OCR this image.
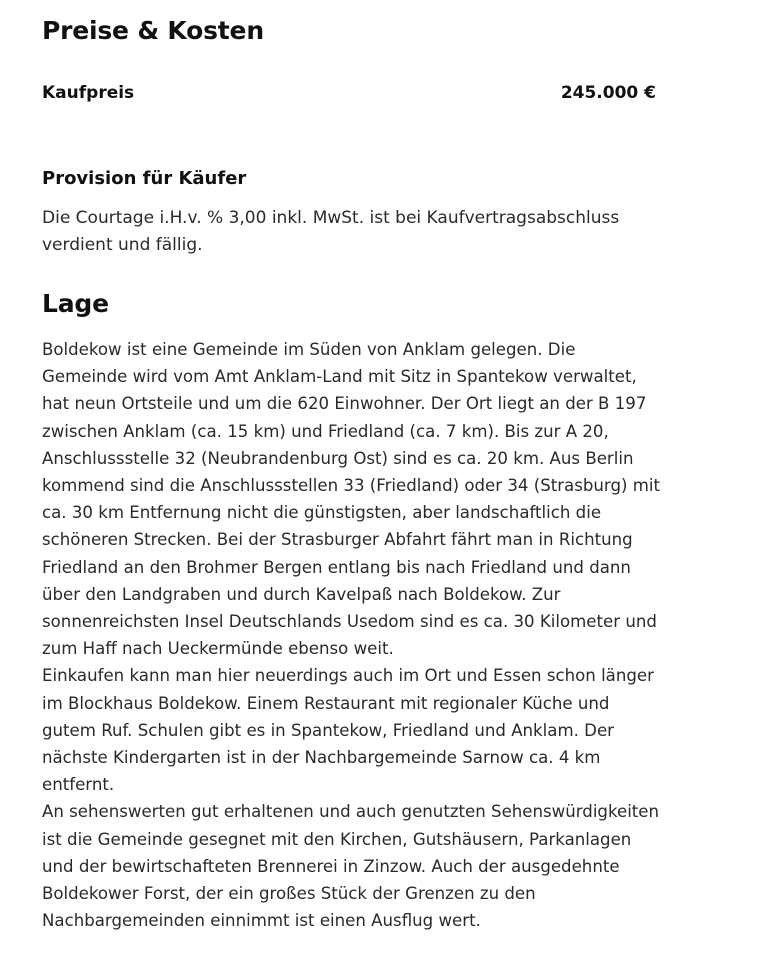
Preise & Kosten
Kaufpreis	245.000 €
Provision für Käufer

Die Courtage i.H.v. % 3,00 inkl. MwSt. ist bei Kaufvertragsabschluss verdient und fällig.

Lage

Boldekow ist eine Gemeinde im Süden von Anklam gelegen. Die Gemeinde wird vom Amt Anklam-Land mit Sitz in Spantekow verwaltet, hat neun Ortsteile und um die 620 Einwohner. Der Ort liegt an der B 197 zwischen Anklam (ca. 15 km) und Friedland (ca. 7 km). Bis zur A 20, Anschlussstelle 32 (Neubrandenburg Ost) sind es ca. 20 km. Aus Berlin kommend sind die Anschlussstellen 33 (Friedland) oder 34 (Strasburg) mit ca. 30 km Entfernung nicht die günstigsten, aber landschaftlich die schöneren Strecken. Bei der Strasburger Abfahrt fährt man in Richtung Friedland an den Brohmer Bergen entlang bis nach Friedland und dann über den Landgraben und durch Kavelpaß nach Boldekow. Zur sonnenreichsten Insel Deutschlands Usedom sind es ca. 30 Kilometer und zum Haff nach Ueckermünde ebenso weit.
Einkaufen kann man hier neuerdings auch im Ort und Essen schon länger im Blockhaus Boldekow. Einem Restaurant mit regionaler Küche und gutem Ruf. Schulen gibt es in Spantekow, Friedland und Anklam. Der nächste Kindergarten ist in der Nachbargemeinde Sarnow ca. 4 km entfernt.
An sehenswerten gut erhaltenen und auch genutzten Sehenswürdigkeiten ist die Gemeinde gesegnet mit den Kirchen, Gutshäusern, Parkanlagen und der bewirtschafteten Brennerei in Zinzow. Auch der ausgedehnte Boldekower Forst, der ein großes Stück der Grenzen zu den Nachbargemeinden einnimmt ist einen Ausflug wert.
